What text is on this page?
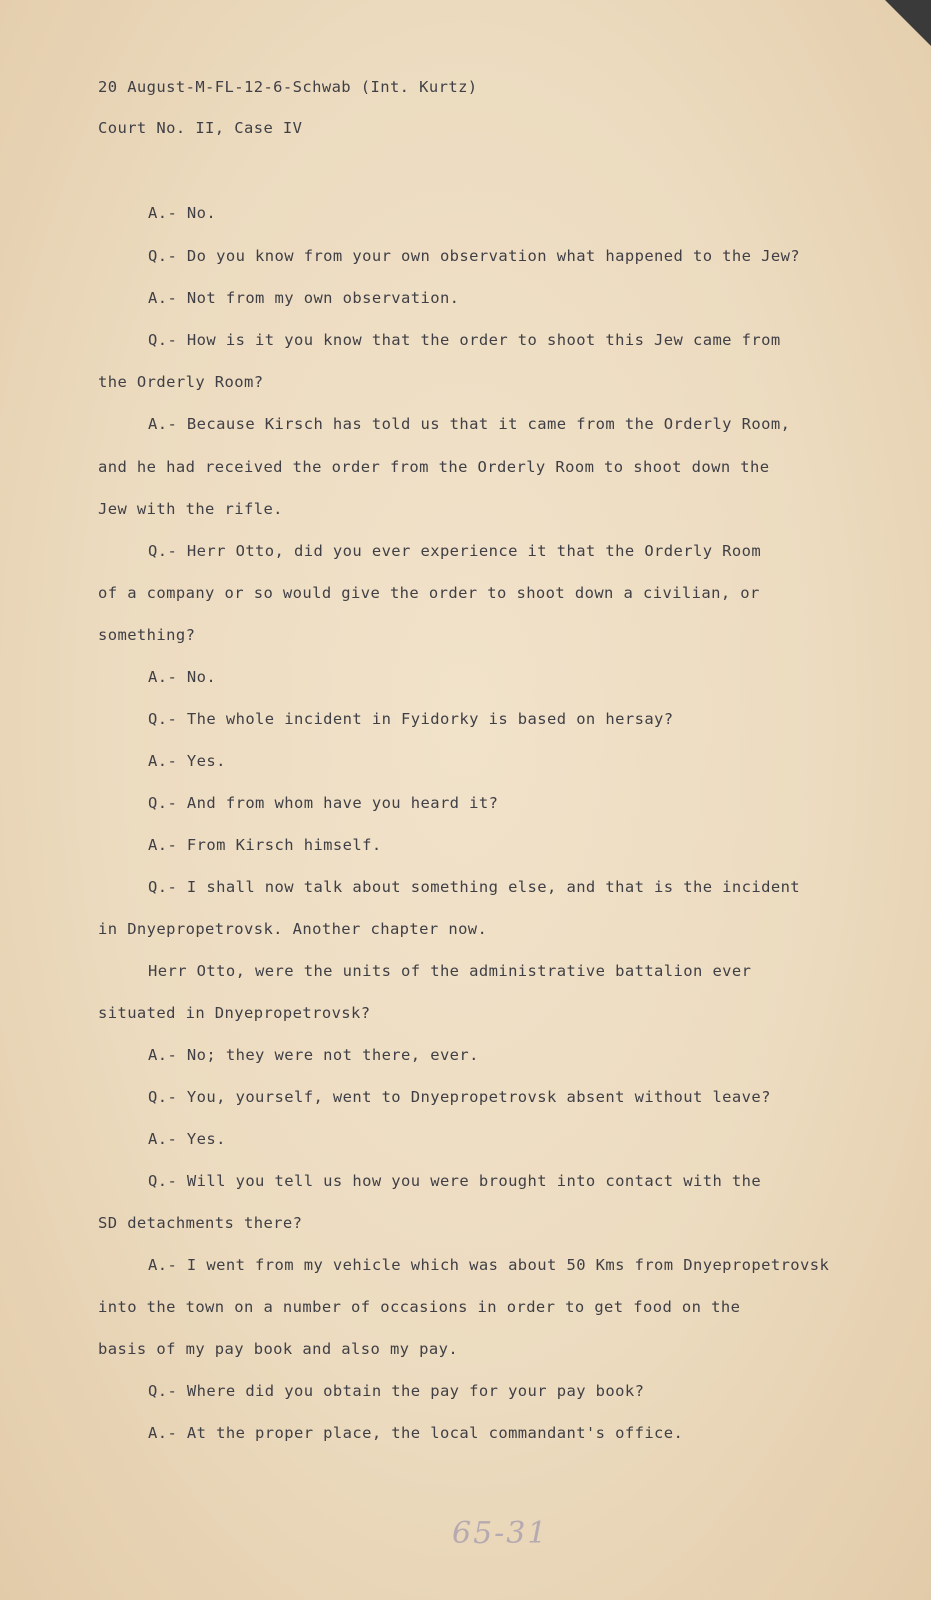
20 August-M-FL-12-6-Schwab (Int. Kurtz)
Court No. II, Case IV
A.- No.
Q.- Do you know from your own observation what happened to the Jew?
A.- Not from my own observation.
Q.- How is it you know that the order to shoot this Jew came from
the Orderly Room?
A.- Because Kirsch has told us that it came from the Orderly Room,
and he had received the order from the Orderly Room to shoot down the
Jew with the rifle.
Q.- Herr Otto, did you ever experience it that the Orderly Room
of a company or so would give the order to shoot down a civilian, or
something?
A.- No.
Q.- The whole incident in Fyidorky is based on hersay?
A.- Yes.
Q.- And from whom have you heard it?
A.- From Kirsch himself.
Q.- I shall now talk about something else, and that is the incident
in Dnyepropetrovsk. Another chapter now.
Herr Otto, were the units of the administrative battalion ever
situated in Dnyepropetrovsk?
A.- No; they were not there, ever.
Q.- You, yourself, went to Dnyepropetrovsk absent without leave?
A.- Yes.
Q.- Will you tell us how you were brought into contact with the
SD detachments there?
A.- I went from my vehicle which was about 50 Kms from Dnyepropetrovsk
into the town on a number of occasions in order to get food on the
basis of my pay book and also my pay.
Q.- Where did you obtain the pay for your pay book?
A.- At the proper place, the local commandant's office.
65-31
